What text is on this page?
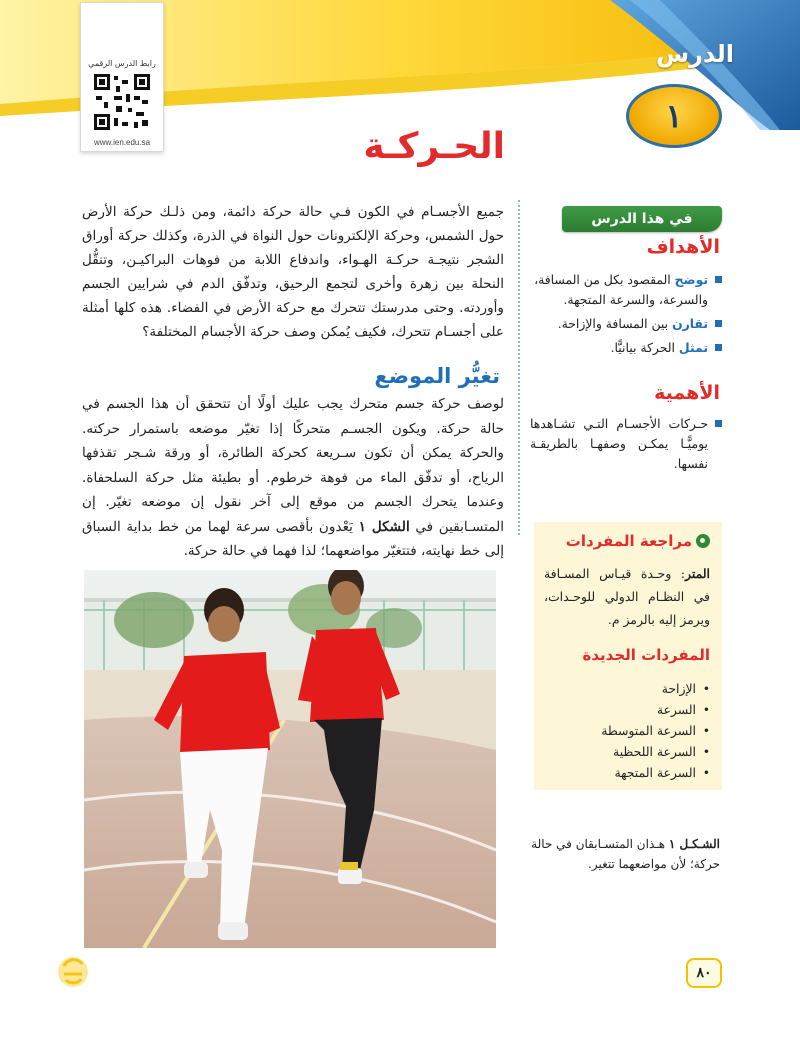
رابط الدرس الرقمي
www.ien.edu.sa
الدرس
١
الحـركـة

جميع الأجسـام في الكون فـي حالة حركة دائمة، ومن ذلـك حركة الأرض حول الشمس، وحركة الإلكترونات حول النواة في الذرة، وكذلك حركة أوراق الشجر نتيجـة حركـة الهـواء، واندفاع اللابة من فوهات البراكيـن، وتنقُّل النحلة بين زهرة وأخرى لتجمع الرحيق، وتدفّق الدم في شرايين الجسم وأوردته. وحتى مدرستك تتحرك مع حركة الأرض في الفضاء. هذه كلها أمثلة على أجسـام تتحرك، فكيف يُمكن وصف حركة الأجسام المختلفة؟

تغيُّر الموضع

لوصف حركة جسم متحرك يجب عليك أولًا أن تتحقق أن هذا الجسم في حالة حركة. ويكون الجسـم متحركًا إذا تغيّر موضعه باستمرار حركته. والحركة يمكن أن تكون سـريعة كحركة الطائرة، أو ورقة شـجر تقذفها الرياح، أو تدفّق الماء من فوهة خرطوم. أو بطيئة مثل حركة السلحفاة. وعندما يتحرك الجسم من موقع إلى آخر نقول إن موضعه تغيّر. إن المتسـابقين في الشكل ١ يَعْدون بأقصى سرعة لهما من خط بداية السباق إلى خط نهايته، فتتغيّر مواضعهما؛ لذا فهما في حالة حركة.

في هذا الدرس
الأهداف
توضح المقصود بكل من المسافة، والسرعة، والسرعة المتجهة.
تقارن بين المسافة والإزاحة.
تمثل الحركة بيانيًّا.
الأهمية
حـركات الأجسـام التـي تشـاهدها يوميًّـا يمكـن وصفهـا بالطريقـة نفسها.
مراجعة المفردات

المتر: وحـدة قيـاس المسـافة في النظـام الدولي للوحـدات، ويرمز إليه بالرمز م.

المفردات الجديدة
• الإزاحة
• السرعة
• السرعة المتوسطة
• السرعة اللحظية
• السرعة المتجهة

الشـكـل ١ هـذان المتسـابقان في حالة حركة؛ لأن مواضعهما تتغير.

٨٠
